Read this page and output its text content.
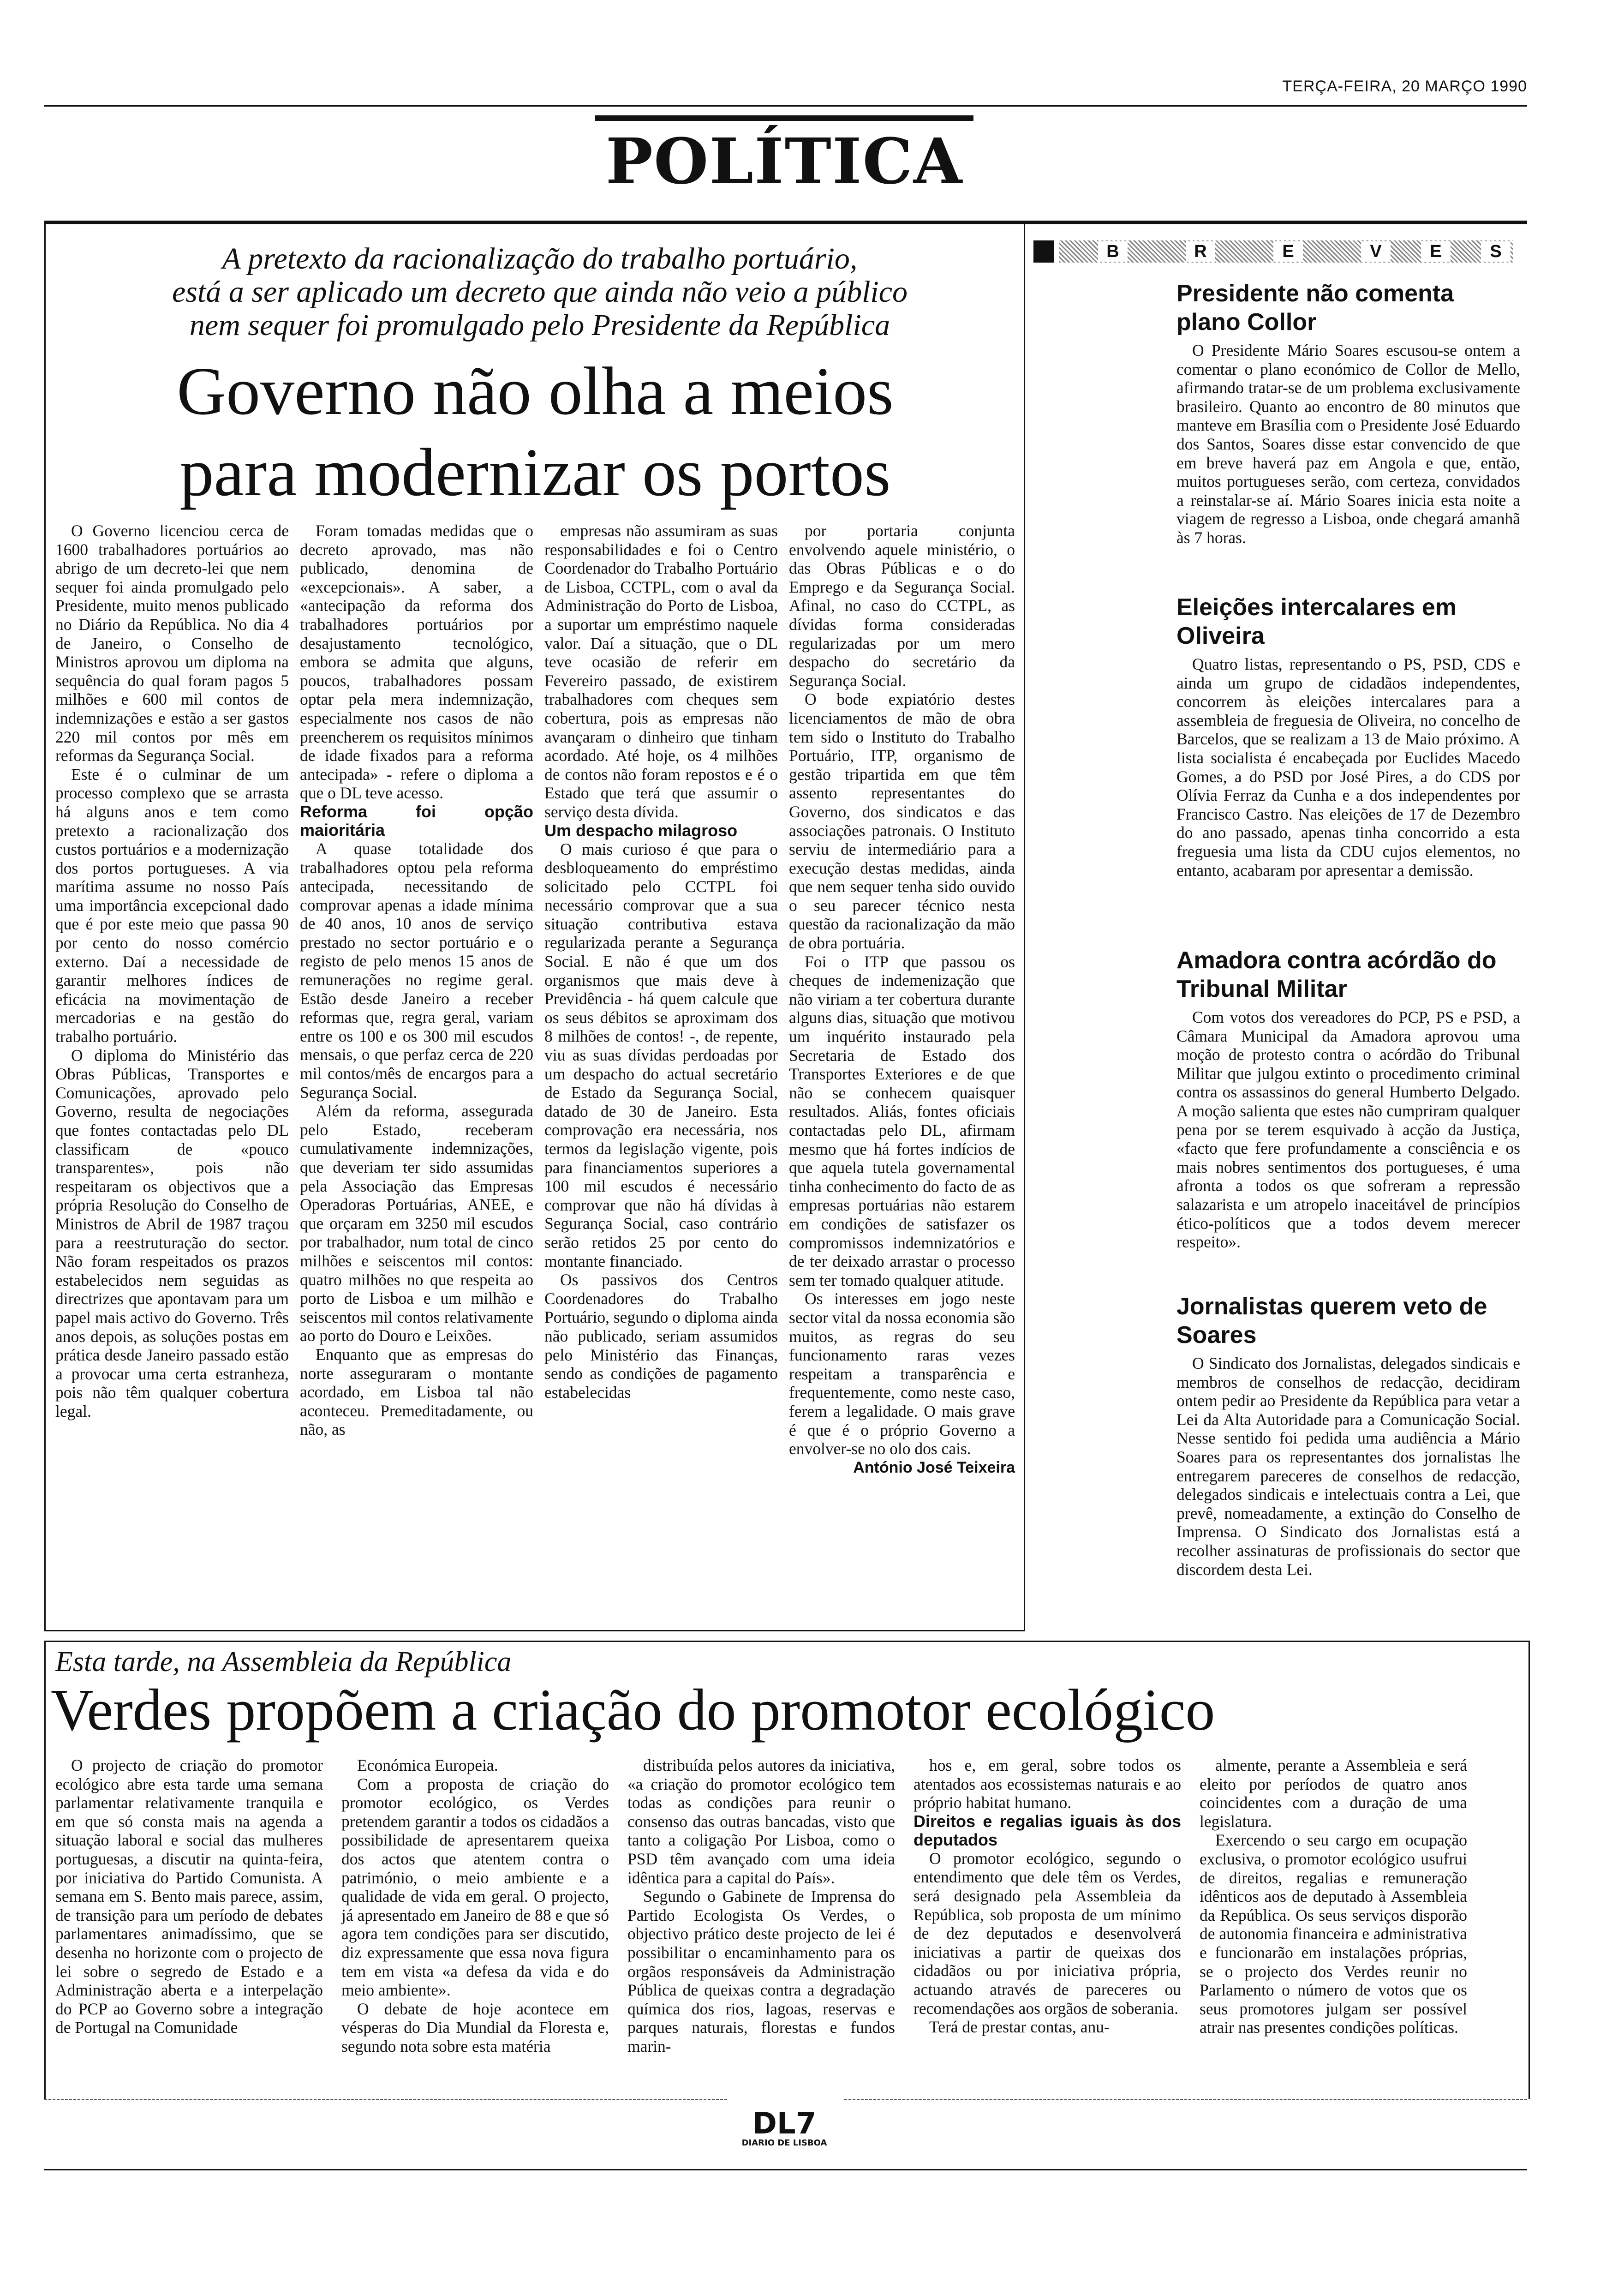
TERÇA-FEIRA, 20 MARÇO 1990
POLÍTICA
A pretexto da racionalização do trabalho portuário,
está a ser aplicado um decreto que ainda não veio a público
nem sequer foi promulgado pelo Presidente da República
Governo não olha a meios
para modernizar os portos

O Governo licenciou cerca de 1600 trabalhadores portuários ao abrigo de um decreto-lei que nem sequer foi ainda promulgado pelo Presidente, muito menos publicado no Diário da República. No dia 4 de Janeiro, o Conselho de Ministros aprovou um diploma na sequência do qual foram pagos 5 milhões e 600 mil contos de indemnizações e estão a ser gastos 220 mil contos por mês em reformas da Segurança Social.

Este é o culminar de um processo complexo que se arrasta há alguns anos e tem como pretexto a racionalização dos custos portuários e a modernização dos portos portugueses. A via marítima assume no nosso País uma importância excepcional dado que é por este meio que passa 90 por cento do nosso comércio externo. Daí a necessidade de garantir melhores índices de eficácia na movimentação de mercadorias e na gestão do trabalho portuário.

O diploma do Ministério das Obras Públicas, Transportes e Comunicações, aprovado pelo Governo, resulta de negociações que fontes contactadas pelo DL classificam de «pouco transparentes», pois não respeitaram os objectivos que a própria Resolução do Conselho de Ministros de Abril de 1987 traçou para a reestruturação do sector. Não foram respeitados os prazos estabelecidos nem seguidas as directrizes que apontavam para um papel mais activo do Governo. Três anos depois, as soluções postas em prática desde Janeiro passado estão a provocar uma certa estranheza, pois não têm qualquer cobertura legal.

Foram tomadas medidas que o decreto aprovado, mas não publicado, denomina de «excepcionais». A saber, a «antecipação da reforma dos trabalhadores portuários por desajustamento tecnológico, embora se admita que alguns, poucos, trabalhadores possam optar pela mera indemnização, especialmente nos casos de não preencherem os requisitos mínimos de idade fixados para a reforma antecipada» - refere o diploma a que o DL teve acesso.

Reforma foi opção maioritária

A quase totalidade dos trabalhadores optou pela reforma antecipada, necessitando de comprovar apenas a idade mínima de 40 anos, 10 anos de serviço prestado no sector portuário e o registo de pelo menos 15 anos de remunerações no regime geral. Estão desde Janeiro a receber reformas que, regra geral, variam entre os 100 e os 300 mil escudos mensais, o que perfaz cerca de 220 mil contos/mês de encargos para a Segurança Social.

Além da reforma, assegurada pelo Estado, receberam cumulativamente indemnizações, que deveriam ter sido assumidas pela Associação das Empresas Operadoras Portuárias, ANEE, e que orçaram em 3250 mil escudos por trabalhador, num total de cinco milhões e seiscentos mil contos: quatro milhões no que respeita ao porto de Lisboa e um milhão e seiscentos mil contos relativamente ao porto do Douro e Leixões.

Enquanto que as empresas do norte asseguraram o montante acordado, em Lisboa tal não aconteceu. Premeditadamente, ou não, as

empresas não assumiram as suas responsabilidades e foi o Centro Coordenador do Trabalho Portuário de Lisboa, CCTPL, com o aval da Administração do Porto de Lisboa, a suportar um empréstimo naquele valor. Daí a situação, que o DL teve ocasião de referir em Fevereiro passado, de existirem trabalhadores com cheques sem cobertura, pois as empresas não avançaram o dinheiro que tinham acordado. Até hoje, os 4 milhões de contos não foram repostos e é o Estado que terá que assumir o serviço desta dívida.

Um despacho milagroso

O mais curioso é que para o desbloqueamento do empréstimo solicitado pelo CCTPL foi necessário comprovar que a sua situação contributiva estava regularizada perante a Segurança Social. E não é que um dos organismos que mais deve à Previdência - há quem calcule que os seus débitos se aproximam dos 8 milhões de contos! -, de repente, viu as suas dívidas perdoadas por um despacho do actual secretário de Estado da Segurança Social, datado de 30 de Janeiro. Esta comprovação era necessária, nos termos da legislação vigente, pois para financiamentos superiores a 100 mil escudos é necessário comprovar que não há dívidas à Segurança Social, caso contrário serão retidos 25 por cento do montante financiado.

Os passivos dos Centros Coordenadores do Trabalho Portuário, segundo o diploma ainda não publicado, seriam assumidos pelo Ministério das Finanças, sendo as condições de pagamento estabelecidas

por portaria conjunta envolvendo aquele ministério, o das Obras Públicas e o do Emprego e da Segurança Social. Afinal, no caso do CCTPL, as dívidas forma consideradas regularizadas por um mero despacho do secretário da Segurança Social.

O bode expiatório destes licenciamentos de mão de obra tem sido o Instituto do Trabalho Portuário, ITP, organismo de gestão tripartida em que têm assento representantes do Governo, dos sindicatos e das associações patronais. O Instituto serviu de intermediário para a execução destas medidas, ainda que nem sequer tenha sido ouvido o seu parecer técnico nesta questão da racionalização da mão de obra portuária.

Foi o ITP que passou os cheques de indemenização que não viriam a ter cobertura durante alguns dias, situação que motivou um inquérito instaurado pela Secretaria de Estado dos Transportes Exteriores e de que não se conhecem quaisquer resultados. Aliás, fontes oficiais contactadas pelo DL, afirmam mesmo que há fortes indícios de que aquela tutela governamental tinha conhecimento do facto de as empresas portuárias não estarem em condições de satisfazer os compromissos indemnizatórios e de ter deixado arrastar o processo sem ter tomado qualquer atitude.

Os interesses em jogo neste sector vital da nossa economia são muitos, as regras do seu funcionamento raras vezes respeitam a transparência e frequentemente, como neste caso, ferem a legalidade. O mais grave é que é o próprio Governo a envolver-se no olo dos cais.

António José Teixeira

B	R	E	V	E	S
Presidente não comenta plano Collor

O Presidente Mário Soares escusou-se ontem a comentar o plano económico de Collor de Mello, afirmando tratar-se de um problema exclusivamente brasileiro. Quanto ao encontro de 80 minutos que manteve em Brasília com o Presidente José Eduardo dos Santos, Soares disse estar convencido de que em breve haverá paz em Angola e que, então, muitos portugueses serão, com certeza, convidados a reinstalar-se aí. Mário Soares inicia esta noite a viagem de regresso a Lisboa, onde chegará amanhã às 7 horas.

Eleições intercalares em Oliveira

Quatro listas, representando o PS, PSD, CDS e ainda um grupo de cidadãos independentes, concorrem às eleições intercalares para a assembleia de freguesia de Oliveira, no concelho de Barcelos, que se realizam a 13 de Maio próximo. A lista socialista é encabeçada por Euclides Macedo Gomes, a do PSD por José Pires, a do CDS por Olívia Ferraz da Cunha e a dos independentes por Francisco Castro. Nas eleições de 17 de Dezembro do ano passado, apenas tinha concorrido a esta freguesia uma lista da CDU cujos elementos, no entanto, acabaram por apresentar a demissão.

Amadora contra acórdão do Tribunal Militar

Com votos dos vereadores do PCP, PS e PSD, a Câmara Municipal da Amadora aprovou uma moção de protesto contra o acórdão do Tribunal Militar que julgou extinto o procedimento criminal contra os assassinos do general Humberto Delgado. A moção salienta que estes não cumpriram qualquer pena por se terem esquivado à acção da Justiça, «facto que fere profundamente a consciência e os mais nobres sentimentos dos portugueses, é uma afronta a todos os que sofreram a repressão salazarista e um atropelo inaceitável de princípios ético-políticos que a todos devem merecer respeito».

Jornalistas querem veto de Soares

O Sindicato dos Jornalistas, delegados sindicais e membros de conselhos de redacção, decidiram ontem pedir ao Presidente da República para vetar a Lei da Alta Autoridade para a Comunicação Social. Nesse sentido foi pedida uma audiência a Mário Soares para os representantes dos jornalistas lhe entregarem pareceres de conselhos de redacção, delegados sindicais e intelectuais contra a Lei, que prevê, nomeadamente, a extinção do Conselho de Imprensa. O Sindicato dos Jornalistas está a recolher assinaturas de profissionais do sector que discordem desta Lei.

Esta tarde, na Assembleia da República
Verdes propõem a criação do promotor ecológico

O projecto de criação do promotor ecológico abre esta tarde uma semana parlamentar relativamente tranquila e em que só consta mais na agenda a situação laboral e social das mulheres portuguesas, a discutir na quinta-feira, por iniciativa do Partido Comunista. A semana em S. Bento mais parece, assim, de transição para um período de debates parlamentares animadíssimo, que se desenha no horizonte com o projecto de lei sobre o segredo de Estado e a Administração aberta e a interpelação do PCP ao Governo sobre a integração de Portugal na Comunidade

Económica Europeia.

Com a proposta de criação do promotor ecológico, os Verdes pretendem garantir a todos os cidadãos a possibilidade de apresentarem queixa dos actos que atentem contra o património, o meio ambiente e a qualidade de vida em geral. O projecto, já apresentado em Janeiro de 88 e que só agora tem condições para ser discutido, diz expressamente que essa nova figura tem em vista «a defesa da vida e do meio ambiente».

O debate de hoje acontece em vésperas do Dia Mundial da Floresta e, segundo nota sobre esta matéria

distribuída pelos autores da iniciativa, «a criação do promotor ecológico tem todas as condições para reunir o consenso das outras bancadas, visto que tanto a coligação Por Lisboa, como o PSD têm avançado com uma ideia idêntica para a capital do País».

Segundo o Gabinete de Imprensa do Partido Ecologista Os Verdes, o objectivo prático deste projecto de lei é possibilitar o encaminhamento para os orgãos responsáveis da Administração Pública de queixas contra a degradação química dos rios, lagoas, reservas e parques naturais, florestas e fundos marin-

hos e, em geral, sobre todos os atentados aos ecossistemas naturais e ao próprio habitat humano.

Direitos e regalias iguais às dos deputados

O promotor ecológico, segundo o entendimento que dele têm os Verdes, será designado pela Assembleia da República, sob proposta de um mínimo de dez deputados e desenvolverá iniciativas a partir de queixas dos cidadãos ou por iniciativa própria, actuando através de pareceres ou recomendações aos orgãos de soberania.

Terá de prestar contas, anu-

almente, perante a Assembleia e será eleito por períodos de quatro anos coincidentes com a duração de uma legislatura.

Exercendo o seu cargo em ocupação exclusiva, o promotor ecológico usufrui de direitos, regalias e remuneração idênticos aos de deputado à Assembleia da República. Os seus serviços disporão de autonomia financeira e administrativa e funcionarão em instalações próprias, se o projecto dos Verdes reunir no Parlamento o número de votos que os seus promotores julgam ser possível atrair nas presentes condições políticas.

DL7
DIARIO DE LISBOA
